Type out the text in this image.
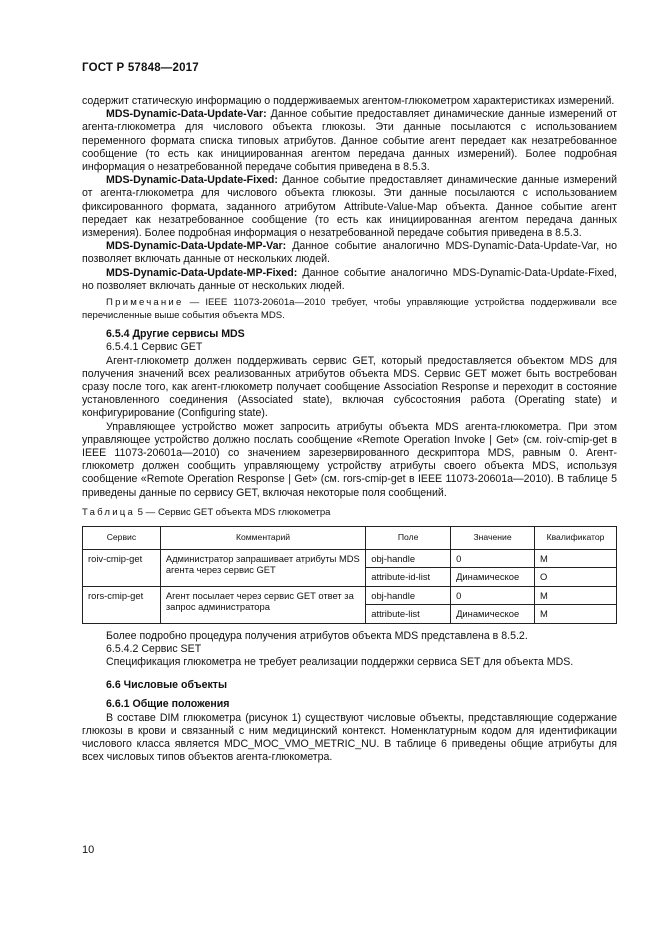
ГОСТ Р 57848—2017

содержит статическую информацию о поддерживаемых агентом-глюкометром характеристиках измерений.

MDS-Dynamic-Data-Update-Var: Данное событие предоставляет динамические данные измерений от агента-глюкометра для числового объекта глюкозы. Эти данные посылаются с использованием переменного формата списка типовых атрибутов. Данное событие агент передает как незатребованное сообщение (то есть как инициированная агентом передача данных измерений). Более подробная информация о незатребованной передаче события приведена в 8.5.3.

MDS-Dynamic-Data-Update-Fixed: Данное событие предоставляет динамические данные измерений от агента-глюкометра для числового объекта глюкозы. Эти данные посылаются с использованием фиксированного формата, заданного атрибутом Attribute-Value-Map объекта. Данное событие агент передает как незатребованное сообщение (то есть как инициированная агентом передача данных измерения). Более подробная информация о незатребованной передаче события приведена в 8.5.3.

MDS-Dynamic-Data-Update-MP-Var: Данное событие аналогично MDS-Dynamic-Data-Update-Var, но позволяет включать данные от нескольких людей.

MDS-Dynamic-Data-Update-MP-Fixed: Данное событие аналогично MDS-Dynamic-Data-Update-Fixed, но позволяет включать данные от нескольких людей.

Примечание — IEEE 11073-20601a—2010 требует, чтобы управляющие устройства поддерживали все перечисленные выше события объекта MDS.

6.5.4 Другие сервисы MDS

6.5.4.1 Сервис GET

Агент-глюкометр должен поддерживать сервис GET, который предоставляется объектом MDS для получения значений всех реализованных атрибутов объекта MDS. Сервис GET может быть востребован сразу после того, как агент-глюкометр получает сообщение Association Response и переходит в состояние установленного соединения (Associated state), включая субсостояния работа (Operating state) и конфигурирование (Configuring state).

Управляющее устройство может запросить атрибуты объекта MDS агента-глюкометра. При этом управляющее устройство должно послать сообщение «Remote Operation Invoke | Get» (см. roiv-cmip-get в IEEE 11073-20601a—2010) со значением зарезервированного дескриптора MDS, равным 0. Агент-глюкометр должен сообщить управляющему устройству атрибуты своего объекта MDS, используя сообщение «Remote Operation Response | Get» (см. rors-cmip-get в IEEE 11073-20601a—2010). В таблице 5 приведены данные по сервису GET, включая некоторые поля сообщений.

Таблица 5 — Сервис GET объекта MDS глюкометра

Сервис	Комментарий	Поле	Значение	Квалификатор
roiv-cmip-get	Администратор запрашивает атрибуты MDS агента через сервис GET	obj-handle	0	M
		attribute-id-list	Динамическое	O
rors-cmip-get	Агент посылает через сервис GET ответ за запрос администратора	obj-handle	0	M
		attribute-list	Динамическое	M

Более подробно процедура получения атрибутов объекта MDS представлена в 8.5.2.

6.5.4.2 Сервис SET

Спецификация глюкометра не требует реализации поддержки сервиса SET для объекта MDS.

6.6 Числовые объекты
6.6.1 Общие положения

В составе DIM глюкометра (рисунок 1) существуют числовые объекты, представляющие содержание глюкозы в крови и связанный с ним медицинский контекст. Номенклатурным кодом для идентификации числового класса является MDC_MOC_VMO_METRIC_NU. В таблице 6 приведены общие атрибуты для всех числовых типов объектов агента-глюкометра.

10
